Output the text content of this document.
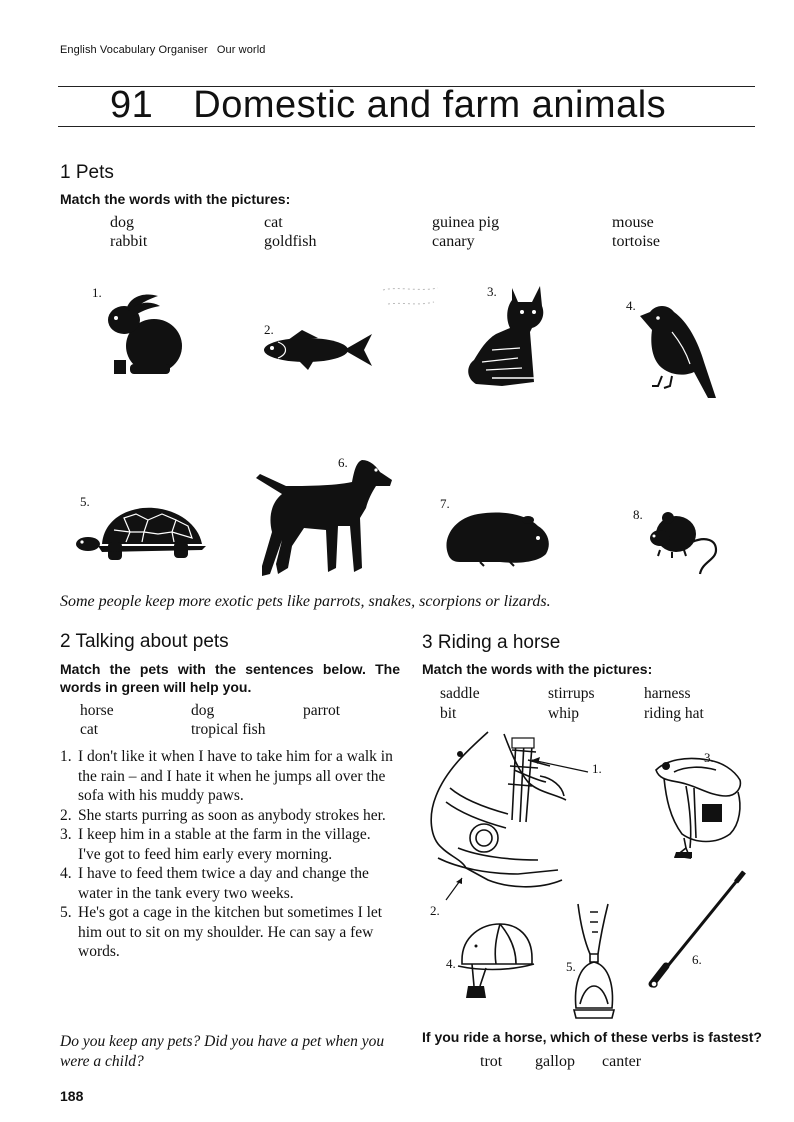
English Vocabulary Organiser Our world
91 Domestic and farm animals
1 Pets
Match the words with the pictures:
dog	cat	guinea pig	mouse
rabbit	goldfish	canary	tortoise
1.
2.
3.
4.
5.
6.
7.
8.
Some people keep more exotic pets like parrots, snakes, scorpions or lizards.
2 Talking about pets
Match the pets with the sentences below. The words in green will help you.
horse	dog	parrot
cat	tropical fish
1. I don't like it when I have to take him for a walk in the rain – and I hate it when he jumps all over the sofa with his muddy paws.
2. She starts purring as soon as anybody strokes her.
3. I keep him in a stable at the farm in the village. I've got to feed him early every morning.
4. I have to feed them twice a day and change the water in the tank every two weeks.
5. He's got a cage in the kitchen but sometimes I let him out to sit on my shoulder. He can say a few words.
Do you keep any pets? Did you have a pet when you were a child?
3 Riding a horse
Match the words with the pictures:
saddle	stirrups	harness
bit	whip	riding hat
1.
2.
3.
4.	5.	6.
If you ride a horse, which of these verbs is fastest?
trot gallop canter
188
